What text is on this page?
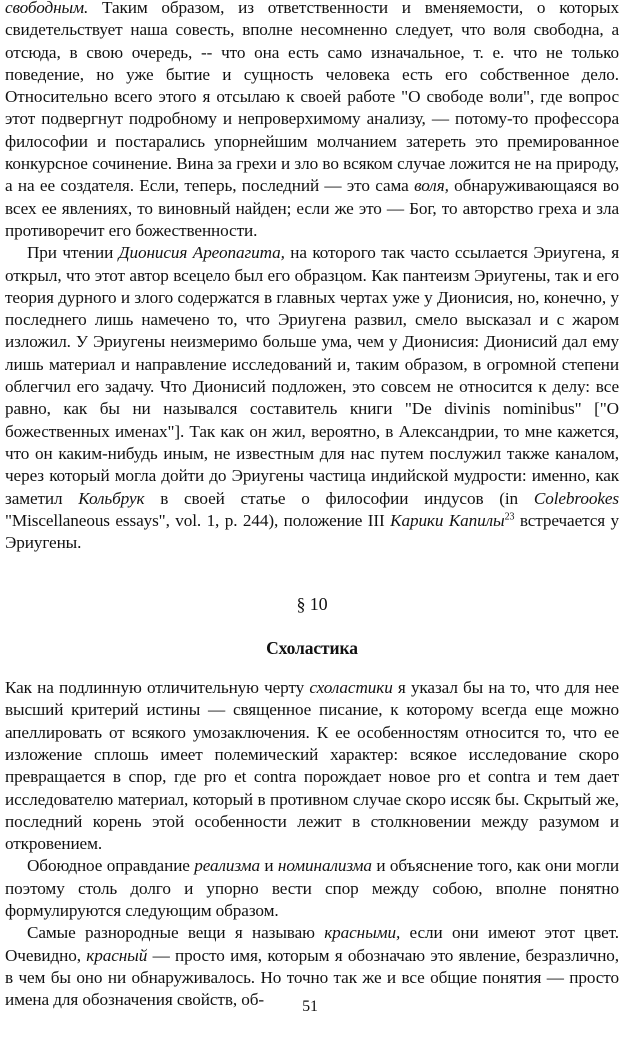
свободным. Таким образом, из ответственности и вменяемости, о которых свидетельствует наша совесть, вполне несомненно следует, что воля свободна, а отсюда, в свою очередь, -- что она есть само изначальное, т. е. что не только поведение, но уже бытие и сущность человека есть его собственное дело. Относительно всего этого я отсылаю к своей работе "О свободе воли", где вопрос этот подвергнут подробному и непроверхимому анализу, — потому-то профессора философии и постарались упорнейшим молчанием затереть это премированное конкурсное сочинение. Вина за грехи и зло во всяком случае ложится не на природу, а на ее создателя. Если, теперь, последний — это сама воля, обнаруживающаяся во всех ее явлениях, то виновный найден; если же это — Бог, то авторство греха и зла противоречит его божественности.

При чтении Дионисия Ареопагита, на которого так часто ссылается Эриугена, я открыл, что этот автор всецело был его образцом. Как пантеизм Эриугены, так и его теория дурного и злого содержатся в главных чертах уже у Дионисия, но, конечно, у последнего лишь намечено то, что Эриугена развил, смело высказал и с жаром изложил. У Эриугены неизмеримо больше ума, чем у Дионисия: Дионисий дал ему лишь материал и направление исследований и, таким образом, в огромной степени облегчил его задачу. Что Дионисий подложен, это совсем не относится к делу: все равно, как бы ни назывался составитель книги "De divinis nominibus" ["О божественных именах"]. Так как он жил, вероятно, в Александрии, то мне кажется, что он каким-нибудь иным, не известным для нас путем послужил также каналом, через который могла дойти до Эриугены частица индийской мудрости: именно, как заметил Кольбрук в своей статье о философии индусов (in Colebrookes "Miscellaneous essays", vol. 1, p. 244), положение III Карики Капилы$^{23}$ встречается у Эриугены.

§ 10
Схоластика

Как на подлинную отличительную черту схоластики я указал бы на то, что для нее высший критерий истины — священное писание, к которому всегда еще можно апеллировать от всякого умозаключения. К ее особенностям относится то, что ее изложение сплошь имеет полемический характер: всякое исследование скоро превращается в спор, где pro et contra порождает новое pro et contra и тем дает исследователю материал, который в противном случае скоро иссяк бы. Скрытый же, последний корень этой особенности лежит в столкновении между разумом и откровением.

Обоюдное оправдание реализма и номинализма и объяснение того, как они могли поэтому столь долго и упорно вести спор между собою, вполне понятно формулируются следующим образом.

Самые разнородные вещи я называю красными, если они имеют этот цвет. Очевидно, красный — просто имя, которым я обозначаю это явление, безразлично, в чем бы оно ни обнаруживалось. Но точно так же и все общие понятия — просто имена для обозначения свойств, об-	51
